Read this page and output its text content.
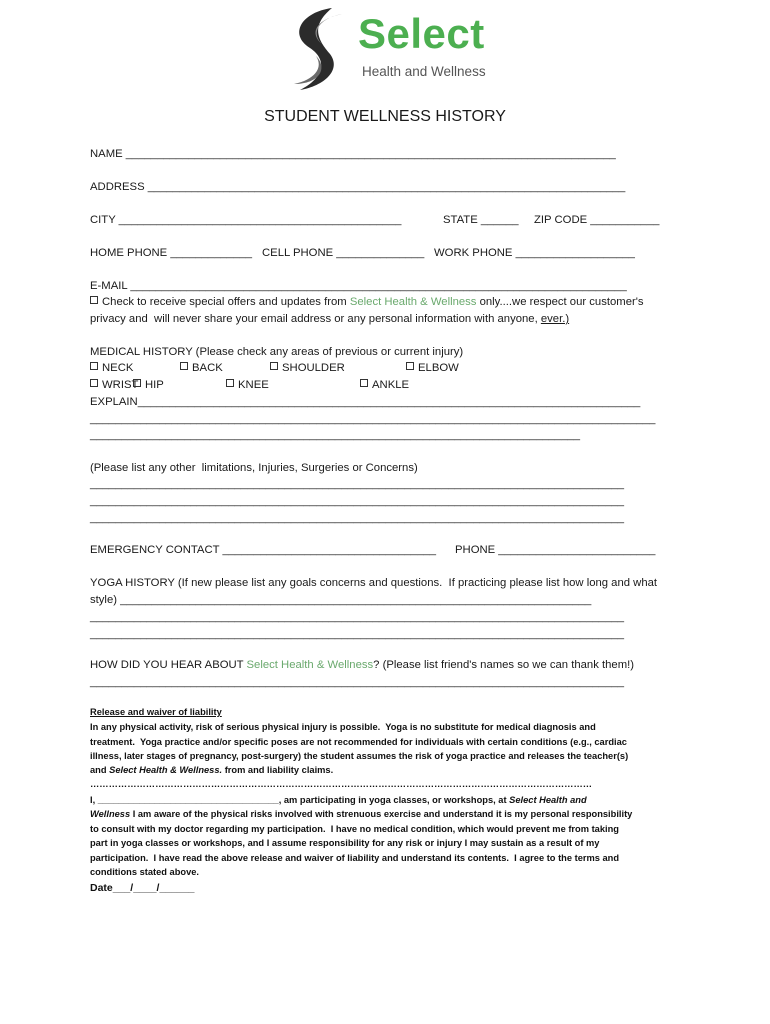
Select
Health and Wellness
STUDENT WELLNESS HISTORY
NAME ______________________________________________________________________________
ADDRESS ____________________________________________________________________________
CITY _____________________________________________	STATE ______ ZIP CODE ___________
HOME PHONE _____________ CELL PHONE ______________ WORK PHONE ___________________
E-MAIL _______________________________________________________________________________
Check to receive special offers and updates from Select Health & Wellness only....we respect our customer's
privacy and  will never share your email address or any personal information with anyone, ever.)
MEDICAL HISTORY (Please check any areas of previous or current injury)
NECK	BACK	SHOULDER	ELBOW
WRIST HIP	KNEE	ANKLE
EXPLAIN________________________________________________________________________________
__________________________________________________________________________________________
______________________________________________________________________________
(Please list any other  limitations, Injuries, Surgeries or Concerns)
_____________________________________________________________________________________
_____________________________________________________________________________________
_____________________________________________________________________________________
EMERGENCY CONTACT __________________________________ PHONE _________________________
YOGA HISTORY (If new please list any goals concerns and questions.  If practicing please list how long and what
style) ___________________________________________________________________________
_____________________________________________________________________________________
_____________________________________________________________________________________
HOW DID YOU HEAR ABOUT Select Health & Wellness? (Please list friend's names so we can thank them!)
_____________________________________________________________________________________
Release and waiver of liability
In any physical activity, risk of serious physical injury is possible.  Yoga is no substitute for medical diagnosis and
treatment.  Yoga practice and/or specific poses are not recommended for individuals with certain conditions (e.g., cardiac
illness, later stages of pregnancy, post-surgery) the student assumes the risk of yoga practice and releases the teacher(s)
and Select Health & Wellness. from and liability claims.
………………………………………………………………………………………………………………………………………………
I, ___________________________________, am participating in yoga classes, or workshops, at Select Health and
Wellness I am aware of the physical risks involved with strenuous exercise and understand it is my personal responsibility
to consult with my doctor regarding my participation.  I have no medical condition, which would prevent me from taking
part in yoga classes or workshops, and I assume responsibility for any risk or injury I may sustain as a result of my
participation.  I have read the above release and waiver of liability and understand its contents.  I agree to the terms and
conditions stated above.
Date___/____/______
